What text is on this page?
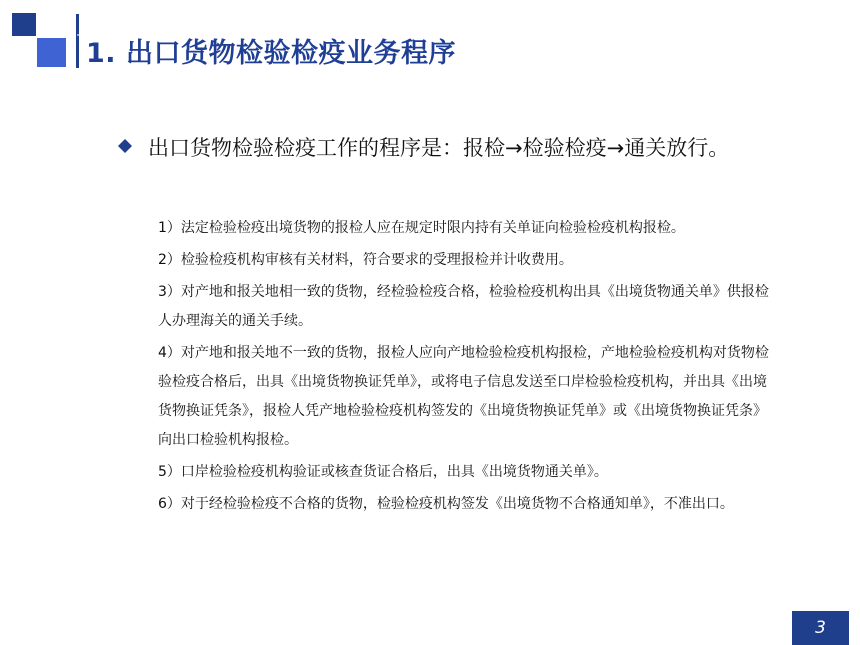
1. 出口货物检验检疫业务程序
出口货物检验检疫工作的程序是：报检→检验检疫→通关放行。
1）法定检验检疫出境货物的报检人应在规定时限内持有关单证向检验检疫机构报检。
2）检验检疫机构审核有关材料，符合要求的受理报检并计收费用。
3）对产地和报关地相一致的货物，经检验检疫合格，检验检疫机构出具《出境货物通关单》供报检人办理海关的通关手续。
4）对产地和报关地不一致的货物，报检人应向产地检验检疫机构报检，产地检验检疫机构对货物检验检疫合格后，出具《出境货物换证凭单》，或将电子信息发送至口岸检验检疫机构，并出具《出境货物换证凭条》，报检人凭产地检验检疫机构签发的《出境货物换证凭单》或《出境货物换证凭条》向出口检验机构报检。
5）口岸检验检疫机构验证或核查货证合格后，出具《出境货物通关单》。
6）对于经检验检疫不合格的货物，检验检疫机构签发《出境货物不合格通知单》，不准出口。
3
